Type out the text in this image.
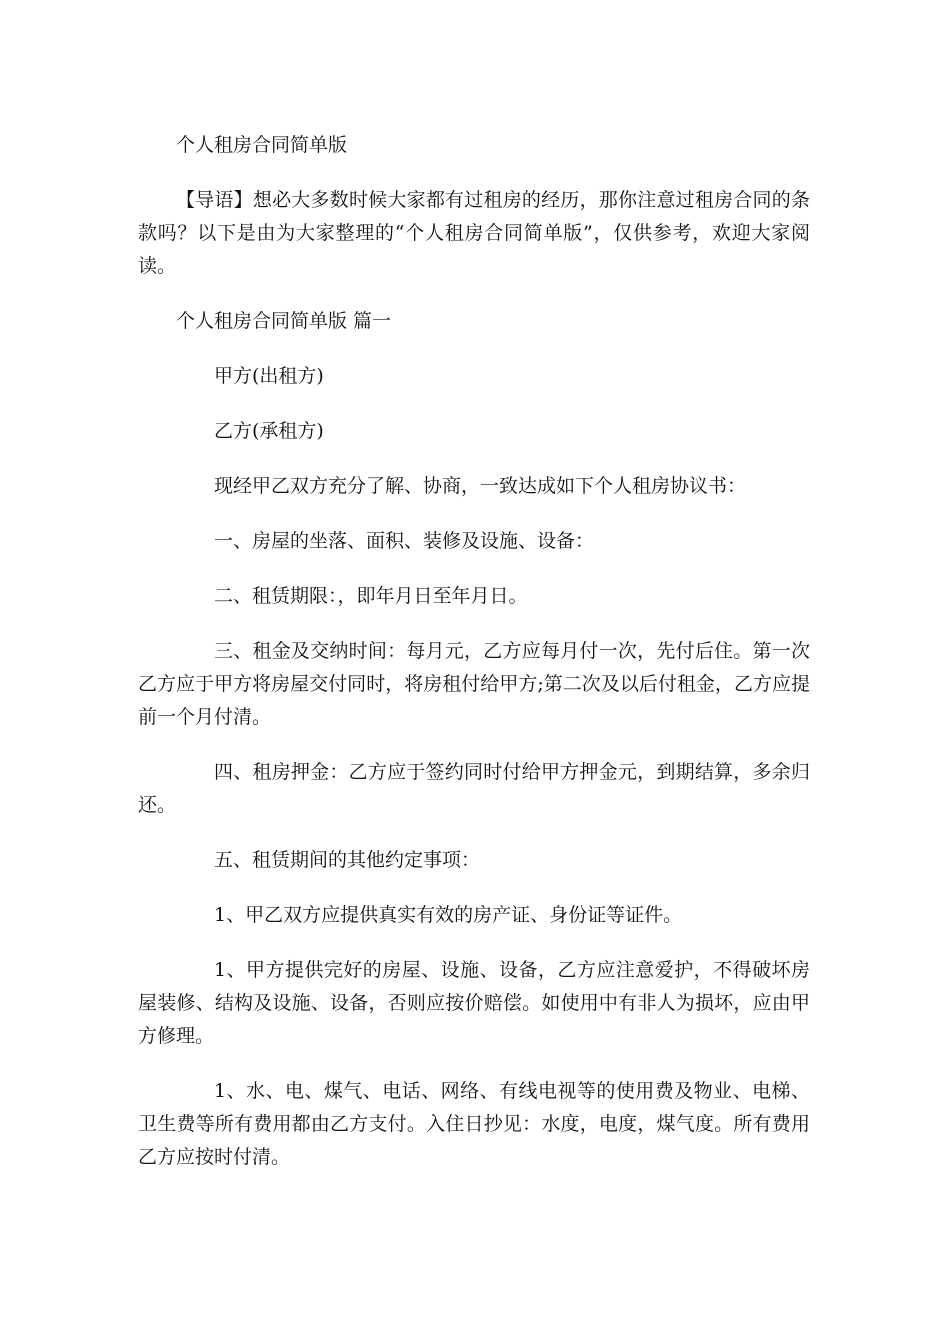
个人租房合同简单版

【导语】想必大多数时候大家都有过租房的经历，那你注意过租房合同的条款吗？以下是由为大家整理的“个人租房合同简单版”，仅供参考，欢迎大家阅读。

个人租房合同简单版 篇一

甲方(出租方)

乙方(承租方)

现经甲乙双方充分了解、协商，一致达成如下个人租房协议书：

一、房屋的坐落、面积、装修及设施、设备：

二、租赁期限：，即年月日至年月日。

三、租金及交纳时间：每月元，乙方应每月付一次，先付后住。第一次乙方应于甲方将房屋交付同时，将房租付给甲方;第二次及以后付租金，乙方应提前一个月付清。

四、租房押金：乙方应于签约同时付给甲方押金元，到期结算，多余归还。

五、租赁期间的其他约定事项：

1、甲乙双方应提供真实有效的房产证、身份证等证件。

1、甲方提供完好的房屋、设施、设备，乙方应注意爱护，不得破坏房屋装修、结构及设施、设备，否则应按价赔偿。如使用中有非人为损坏，应由甲方修理。

1、水、电、煤气、电话、网络、有线电视等的使用费及物业、电梯、卫生费等所有费用都由乙方支付。入住日抄见：水度，电度，煤气度。所有费用乙方应按时付清。
